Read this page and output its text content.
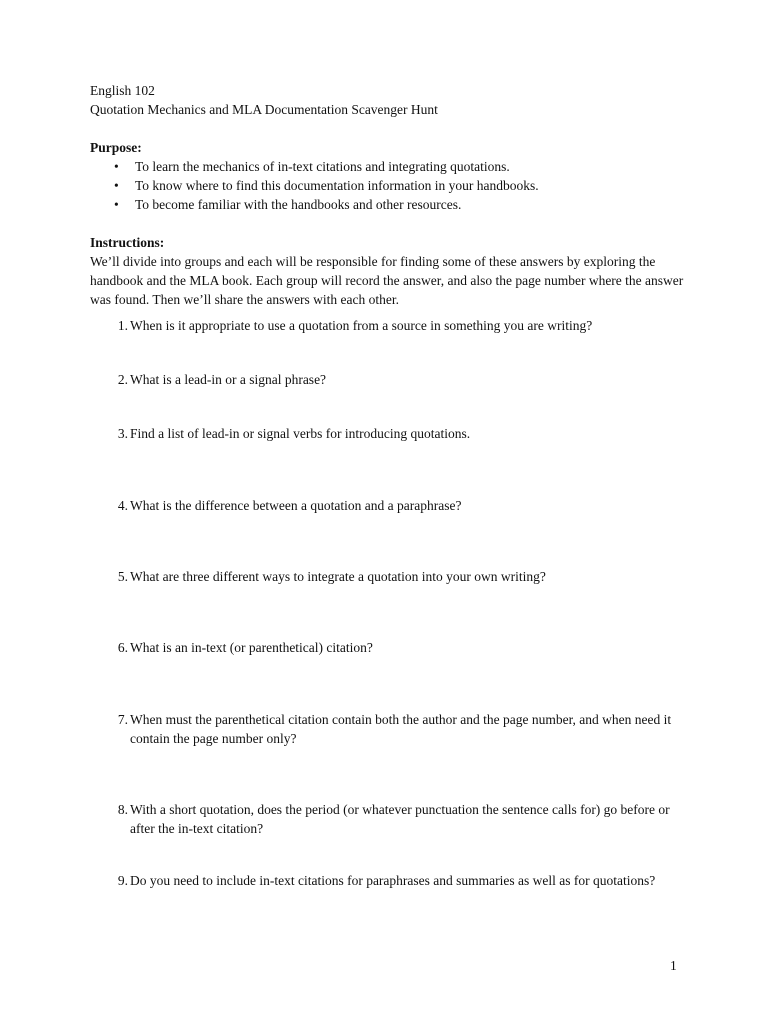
English 102

Quotation Mechanics and MLA Documentation Scavenger Hunt

Purpose:

• To learn the mechanics of in-text citations and integrating quotations.
• To know where to find this documentation information in your handbooks.
• To become familiar with the handbooks and other resources.

Instructions:

We’ll divide into groups and each will be responsible for finding some of these answers by exploring the handbook and the MLA book. Each group will record the answer, and also the page number where the answer was found. Then we’ll share the answers with each other.

1. When is it appropriate to use a quotation from a source in something you are writing?
2. What is a lead-in or a signal phrase?
3. Find a list of lead-in or signal verbs for introducing quotations.
4. What is the difference between a quotation and a paraphrase?
5. What are three different ways to integrate a quotation into your own writing?
6. What is an in-text (or parenthetical) citation?
7. When must the parenthetical citation contain both the author and the page number, and when need it contain the page number only?
8. With a short quotation, does the period (or whatever punctuation the sentence calls for) go before or after the in-text citation?
9. Do you need to include in-text citations for paraphrases and summaries as well as for quotations?
1
